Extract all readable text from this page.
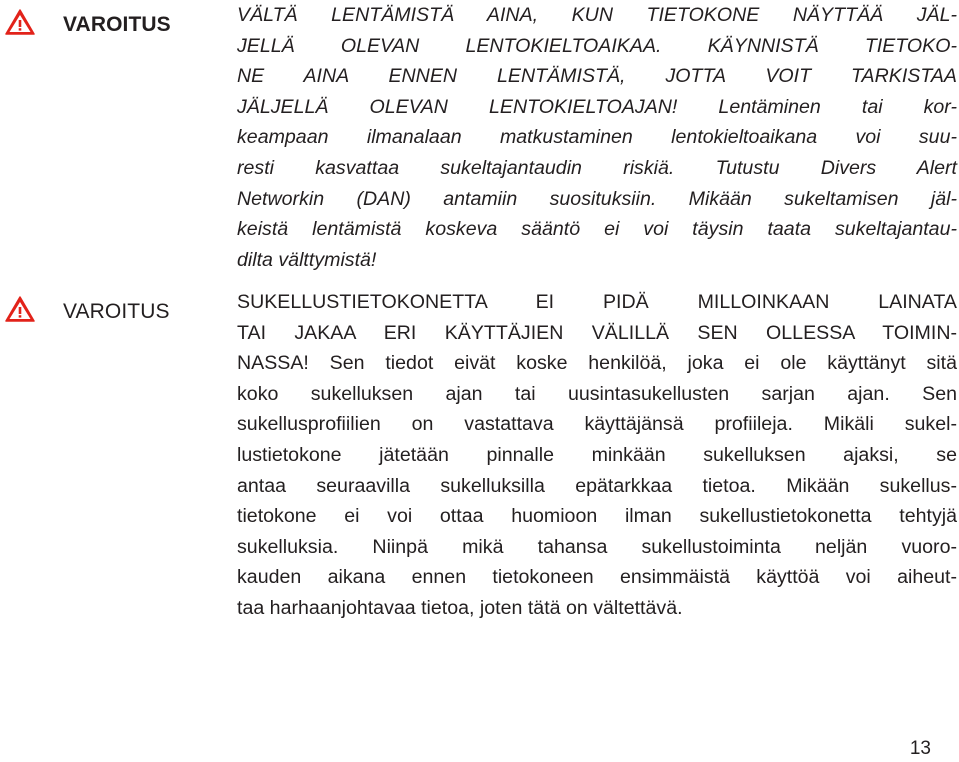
VAROITUS	VÄLTÄ LENTÄMISTÄ AINA, KUN TIETOKONE NÄYTTÄÄ JÄL-
JELLÄ OLEVAN LENTOKIELTOAIKAA. KÄYNNISTÄ TIETOKO-
NE AINA ENNEN LENTÄMISTÄ, JOTTA VOIT TARKISTAA
JÄLJELLÄ OLEVAN LENTOKIELTOAJAN! Lentäminen tai kor-
keampaan ilmanalaan matkustaminen lentokieltoaikana voi suu-
resti kasvattaa sukeltajantaudin riskiä. Tutustu Divers Alert
Networkin (DAN) antamiin suosituksiin. Mikään sukeltamisen jäl-
keistä lentämistä koskeva sääntö ei voi täysin taata sukeltajantau-
dilta välttymistä!
VAROITUS	SUKELLUSTIETOKONETTA EI PIDÄ MILLOINKAAN LAINATA
TAI JAKAA ERI KÄYTTÄJIEN VÄLILLÄ SEN OLLESSA TOIMIN-
NASSA! Sen tiedot eivät koske henkilöä, joka ei ole käyttänyt sitä
koko sukelluksen ajan tai uusintasukellusten sarjan ajan. Sen
sukellusprofiilien on vastattava käyttäjänsä profiileja. Mikäli sukel-
lustietokone jätetään pinnalle minkään sukelluksen ajaksi, se
antaa seuraavilla sukelluksilla epätarkkaa tietoa. Mikään sukellus-
tietokone ei voi ottaa huomioon ilman sukellustietokonetta tehtyjä
sukelluksia. Niinpä mikä tahansa sukellustoiminta neljän vuoro-
kauden aikana ennen tietokoneen ensimmäistä käyttöä voi aiheut-
taa harhaanjohtavaa tietoa, joten tätä on vältettävä.
13
